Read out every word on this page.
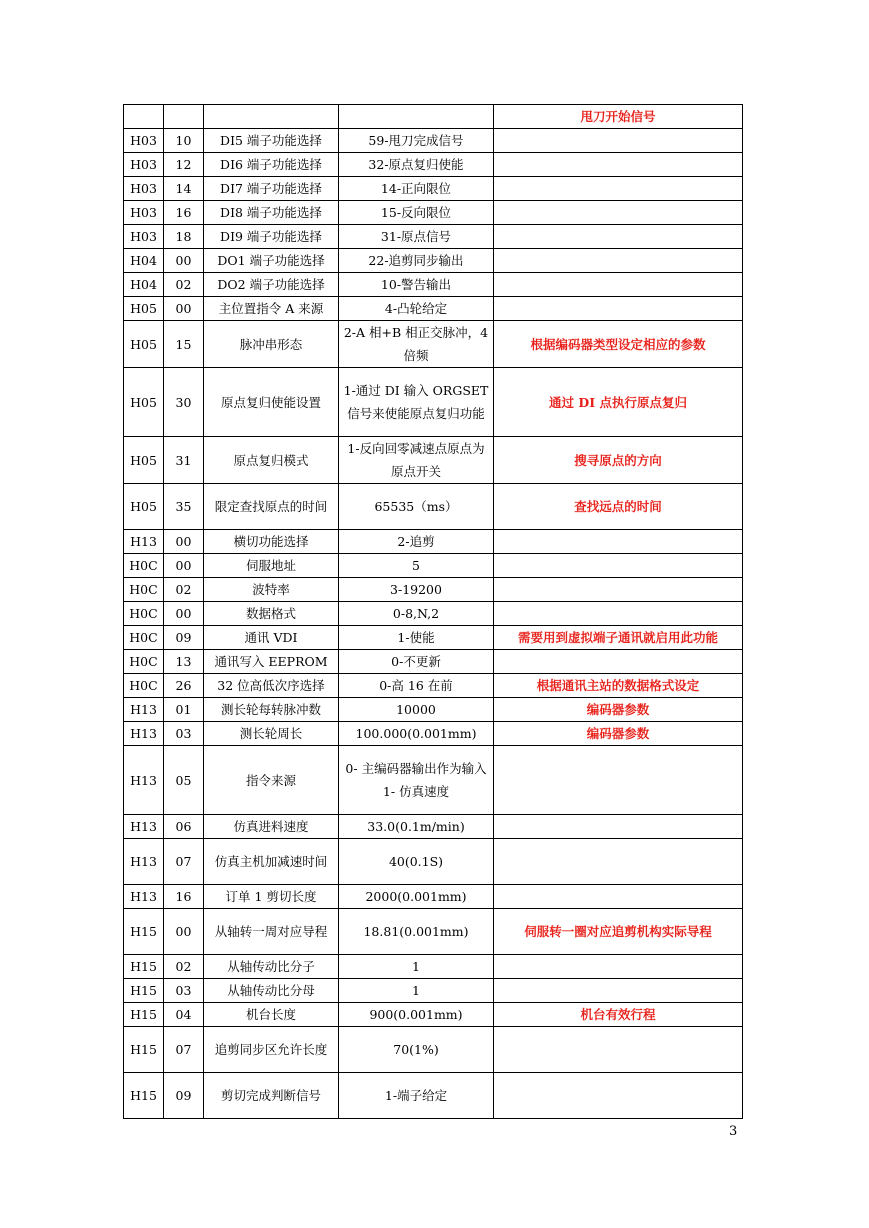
				甩刀开始信号
H03	10	DI5 端子功能选择	59-甩刀完成信号	
H03	12	DI6 端子功能选择	32-原点复归使能	
H03	14	DI7 端子功能选择	14-正向限位	
H03	16	DI8 端子功能选择	15-反向限位	
H03	18	DI9 端子功能选择	31-原点信号	
H04	00	DO1 端子功能选择	22-追剪同步输出	
H04	02	DO2 端子功能选择	10-警告输出	
H05	00	主位置指令 A 来源	4-凸轮给定	
H05	15	脉冲串形态	2-A 相+B 相正交脉冲，4 倍频	根据编码器类型设定相应的参数
H05	30	原点复归使能设置	1-通过 DI 输入 ORGSET 信号来使能原点复归功能	通过 DI 点执行原点复归
H05	31	原点复归模式	1-反向回零减速点原点为原点开关	搜寻原点的方向
H05	35	限定查找原点的时间	65535（ms）	查找远点的时间
H13	00	横切功能选择	2-追剪	
H0C	00	伺服地址	5	
H0C	02	波特率	3-19200	
H0C	00	数据格式	0-8,N,2	
H0C	09	通讯 VDI	1-使能	需要用到虚拟端子通讯就启用此功能
H0C	13	通讯写入 EEPROM	0-不更新	
H0C	26	32 位高低次序选择	0-高 16 在前	根据通讯主站的数据格式设定
H13	01	测长轮每转脉冲数	10000	编码器参数
H13	03	测长轮周长	100.000(0.001mm)	编码器参数
H13	05	指令来源	0- 主编码器输出作为输入
1- 仿真速度	
H13	06	仿真进料速度	33.0(0.1m/min)	
H13	07	仿真主机加减速时间	40(0.1S)	
H13	16	订单 1 剪切长度	2000(0.001mm)	
H15	00	从轴转一周对应导程	18.81(0.001mm)	伺服转一圈对应追剪机构实际导程
H15	02	从轴传动比分子	1	
H15	03	从轴传动比分母	1	
H15	04	机台长度	900(0.001mm)	机台有效行程
H15	07	追剪同步区允许长度	70(1%)	
H15	09	剪切完成判断信号	1-端子给定	
3
